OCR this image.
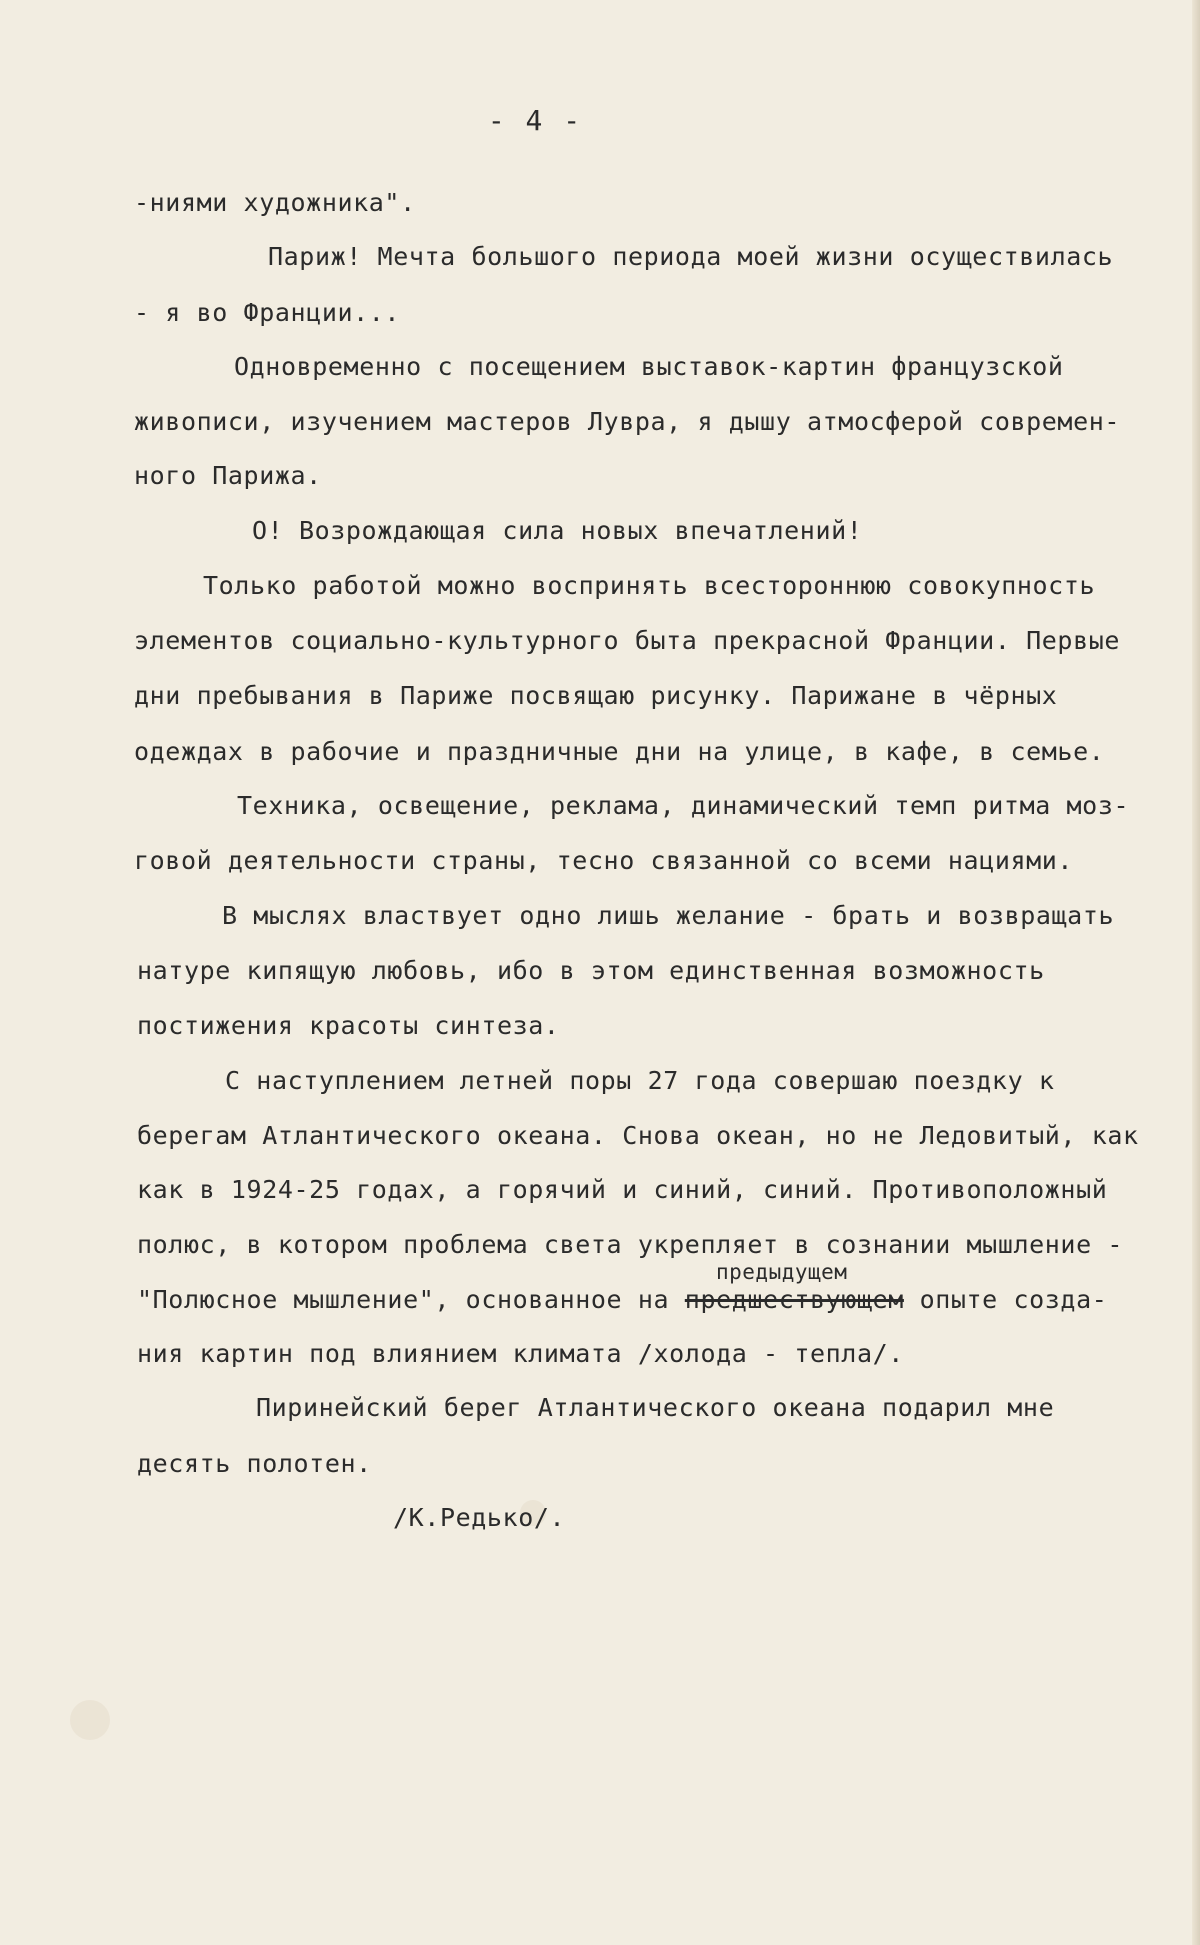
- 4 -
-ниями художника".
Париж! Мечта большого периода моей жизни осуществилась
- я во Франции...
Одновременно с посещением выставок-картин французской
живописи, изучением мастеров Лувра, я дышу атмосферой современ-
ного Парижа.
О! Возрождающая сила новых впечатлений!
Только работой можно воспринять всестороннюю совокупность
элементов социально-культурного быта прекрасной Франции. Первые
дни пребывания в Париже посвящаю рисунку. Парижане в чёрных
одеждах в рабочие и праздничные дни на улице, в кафе, в семье.
Техника, освещение, реклама, динамический темп ритма моз-
говой деятельности страны, тесно связанной со всеми нациями.
В мыслях властвует одно лишь желание - брать и возвращать
натуре кипящую любовь, ибо в этом единственная возможность
постижения красоты синтеза.
С наступлением летней поры 27 года совершаю поездку к
берегам Атлантического океана. Снова океан, но не Ледовитый, как
как в 1924-25 годах, а горячий и синий, синий. Противоположный
полюс, в котором проблема света укрепляет в сознании мышление -
предыдущем
"Полюсное мышление", основанное на предшествующем опыте созда-
ния картин под влиянием климата /холода - тепла/.
Пиринейский берег Атлантического океана подарил мне
десять полотен.
/К.Редько/.
